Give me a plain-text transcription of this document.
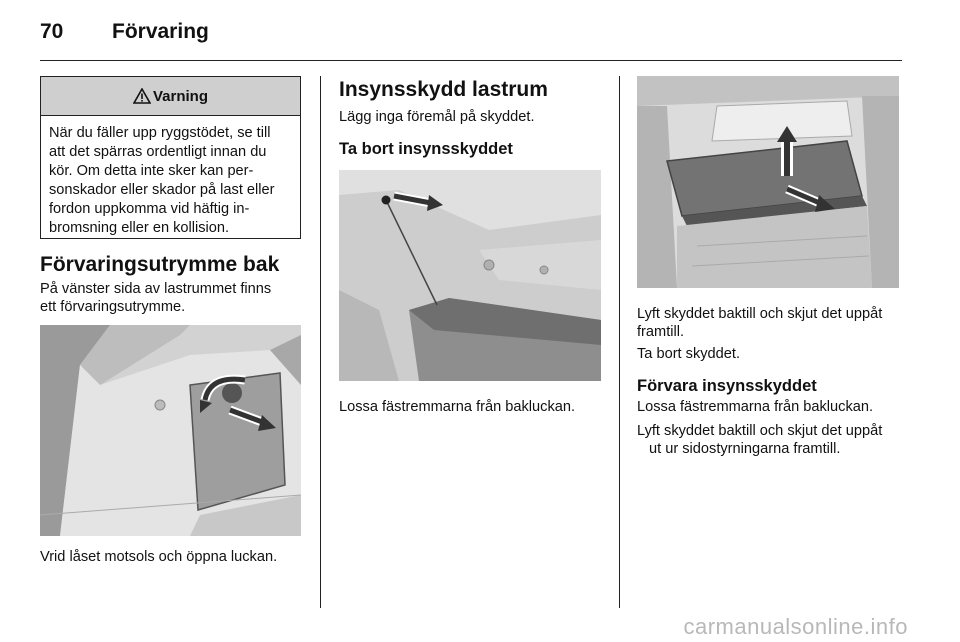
70 Förvaring
Varning
När du fäller upp ryggstödet, se till
att det spärras ordentligt innan du
kör. Om detta inte sker kan per-
sonskador eller skador på last eller
fordon uppkomma vid häftig in-
bromsning eller en kollision.
Förvaringsutrymme bak
På vänster sida av lastrummet finns
ett förvaringsutrymme.
Vrid låset motsols och öppna luckan.
Insynsskydd lastrum
Lägg inga föremål på skyddet.
Ta bort insynsskyddet
Lossa fästremmarna från bakluckan.
Lyft skyddet baktill och skjut det uppåt
framtill.
Ta bort skyddet.
Förvara insynsskyddet
Lossa fästremmarna från bakluckan.
Lyft skyddet baktill och skjut det uppåt
ut ur sidostyrningarna framtill.
carmanualsonline.info
